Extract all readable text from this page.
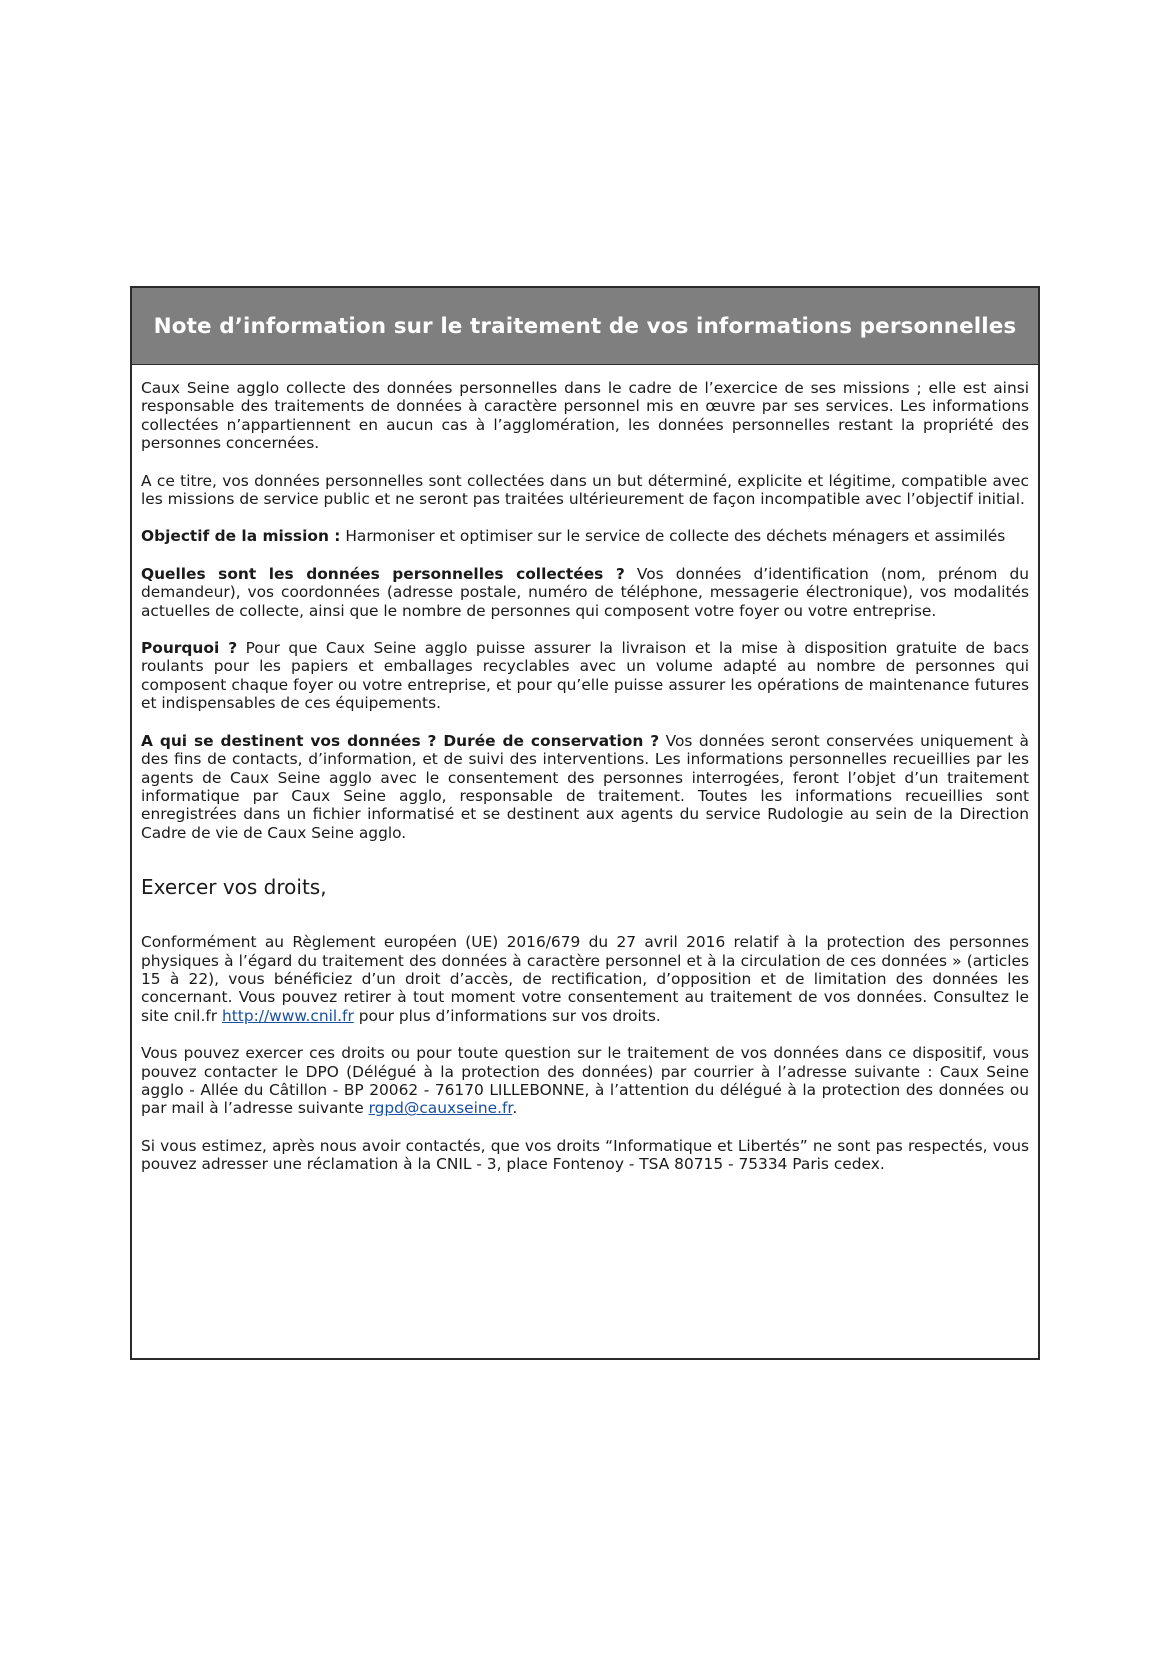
Note d’information sur le traitement de vos informations personnelles

Caux Seine agglo collecte des données personnelles dans le cadre de l’exercice de ses missions ; elle est ainsi responsable des traitements de données à caractère personnel mis en œuvre par ses services. Les informations collectées n’appartiennent en aucun cas à l’agglomération, les données personnelles restant la propriété des personnes concernées.

A ce titre, vos données personnelles sont collectées dans un but déterminé, explicite et légitime, compatible avec les missions de service public et ne seront pas traitées ultérieurement de façon incompatible avec l’objectif initial.

Objectif de la mission : Harmoniser et optimiser sur le service de collecte des déchets ménagers et assimilés

Quelles sont les données personnelles collectées ? Vos données d’identification (nom, prénom du demandeur), vos coordonnées (adresse postale, numéro de téléphone, messagerie électronique), vos modalités actuelles de collecte, ainsi que le nombre de personnes qui composent votre foyer ou votre entreprise.

Pourquoi ? Pour que Caux Seine agglo puisse assurer la livraison et la mise à disposition gratuite de bacs roulants pour les papiers et emballages recyclables avec un volume adapté au nombre de personnes qui composent chaque foyer ou votre entreprise, et pour qu’elle puisse assurer les opérations de maintenance futures et indispensables de ces équipements.

A qui se destinent vos données ? Durée de conservation ? Vos données seront conservées uniquement à des fins de contacts, d’information, et de suivi des interventions. Les informations personnelles recueillies par les agents de Caux Seine agglo avec le consentement des personnes interrogées, feront l’objet d’un traitement informatique par Caux Seine agglo, responsable de traitement. Toutes les informations recueillies sont enregistrées dans un fichier informatisé et se destinent aux agents du service Rudologie au sein de la Direction Cadre de vie de Caux Seine agglo.

Exercer vos droits,

Conformément au Règlement européen (UE) 2016/679 du 27 avril 2016 relatif à la protection des personnes physiques à l’égard du traitement des données à caractère personnel et à la circulation de ces données » (articles 15 à 22), vous bénéficiez d’un droit d’accès, de rectification, d’opposition et de limitation des données les concernant. Vous pouvez retirer à tout moment votre consentement au traitement de vos données. Consultez le site cnil.fr http://www.cnil.fr pour plus d’informations sur vos droits.

Vous pouvez exercer ces droits ou pour toute question sur le traitement de vos données dans ce dispositif, vous pouvez contacter le DPO (Délégué à la protection des données) par courrier à l’adresse suivante : Caux Seine agglo - Allée du Câtillon - BP 20062 - 76170 LILLEBONNE, à l’attention du délégué à la protection des données ou par mail à l’adresse suivante rgpd@cauxseine.fr.

Si vous estimez, après nous avoir contactés, que vos droits “Informatique et Libertés” ne sont pas respectés, vous pouvez adresser une réclamation à la CNIL - 3, place Fontenoy - TSA 80715 - 75334 Paris cedex.
